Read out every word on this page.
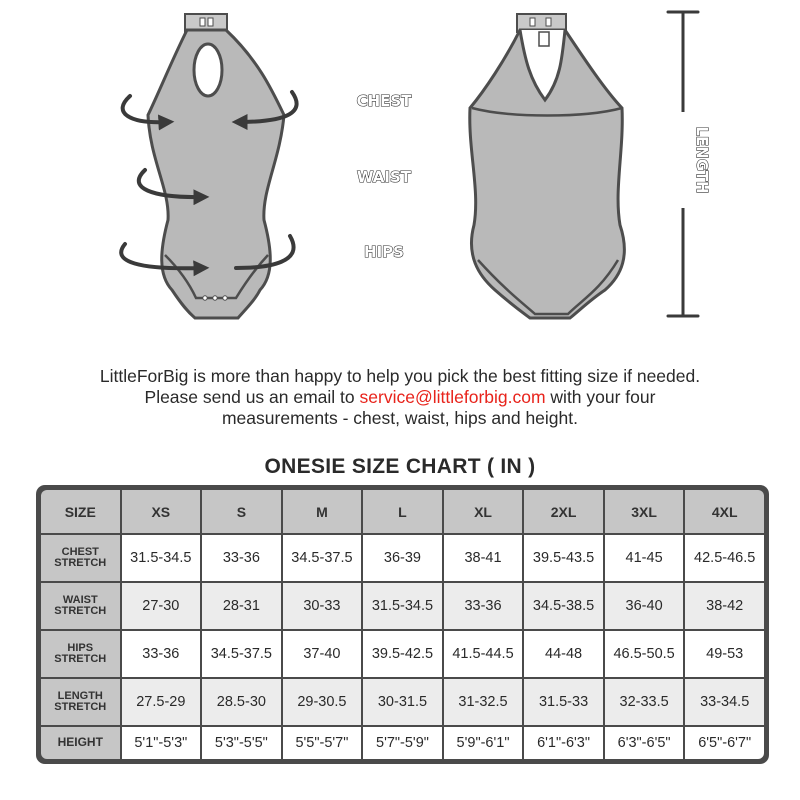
CHEST
WAIST
HIPS
LENGTH
LittleForBig is more than happy to help you pick the best fitting size if needed.
Please send us an email to service@littleforbig.com with your four
measurements - chest, waist, hips and height.
ONESIE SIZE CHART ( IN )
SIZE	XS	S	M	L	XL	2XL	3XL	4XL

CHEST
STRETCH	31.5-34.5	33-36	34.5-37.5	36-39	38-41	39.5-43.5	41-45	42.5-46.5

WAIST
STRETCH	27-30	28-31	30-33	31.5-34.5	33-36	34.5-38.5	36-40	38-42

HIPS
STRETCH	33-36	34.5-37.5	37-40	39.5-42.5	41.5-44.5	44-48	46.5-50.5	49-53

LENGTH
STRETCH	27.5-29	28.5-30	29-30.5	30-31.5	31-32.5	31.5-33	32-33.5	33-34.5

HEIGHT	5'1"-5'3"	5'3"-5'5"	5'5"-5'7"	5'7"-5'9"	5'9"-6'1"	6'1"-6'3"	6'3"-6'5"	6'5"-6'7"
